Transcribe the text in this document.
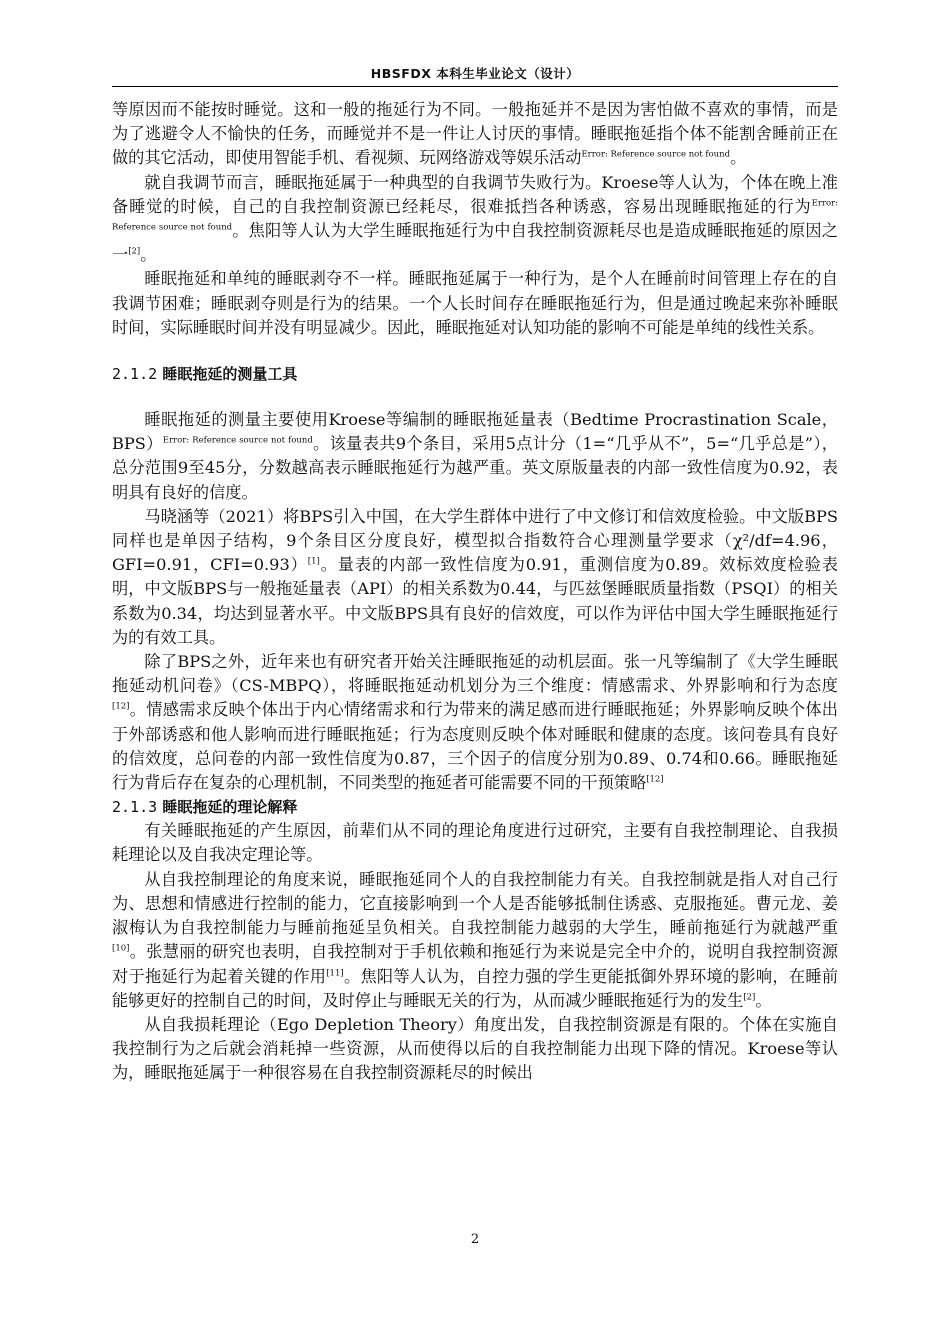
HBSFDX 本科生毕业论文（设计）

等原因而不能按时睡觉。这和一般的拖延行为不同。一般拖延并不是因为害怕做不喜欢的事情，而是为了逃避令人不愉快的任务，而睡觉并不是一件让人讨厌的事情。睡眠拖延指个体不能割舍睡前正在做的其它活动，即使用智能手机、看视频、玩网络游戏等娱乐活动$^{Error: Reference source not found}$。

就自我调节而言，睡眠拖延属于一种典型的自我调节失败行为。Kroese等人认为，个体在晚上准备睡觉的时候，自己的自我控制资源已经耗尽，很难抵挡各种诱惑，容易出现睡眠拖延的行为$^{Error: Reference source not found}$。焦阳等人认为大学生睡眠拖延行为中自我控制资源耗尽也是造成睡眠拖延的原因之一[2]。

睡眠拖延和单纯的睡眠剥夺不一样。睡眠拖延属于一种行为，是个人在睡前时间管理上存在的自我调节困难；睡眠剥夺则是行为的结果。一个人长时间存在睡眠拖延行为，但是通过晚起来弥补睡眠时间，实际睡眠时间并没有明显减少。因此，睡眠拖延对认知功能的影响不可能是单纯的线性关系。

2.1.2 睡眠拖延的测量工具

睡眠拖延的测量主要使用Kroese等编制的睡眠拖延量表（Bedtime Procrastination Scale，BPS）$^{Error: Reference source not found}$。该量表共9个条目，采用5点计分（1=“几乎从不”，5=“几乎总是”），总分范围9至45分，分数越高表示睡眠拖延行为越严重。英文原版量表的内部一致性信度为0.92，表明具有良好的信度。

马晓涵等（2021）将BPS引入中国，在大学生群体中进行了中文修订和信效度检验。中文版BPS同样也是单因子结构，9个条目区分度良好，模型拟合指数符合心理测量学要求（χ²/df=4.96，GFI=0.91，CFI=0.93）[1]。量表的内部一致性信度为0.91，重测信度为0.89。效标效度检验表明，中文版BPS与一般拖延量表（API）的相关系数为0.44，与匹兹堡睡眠质量指数（PSQI）的相关系数为0.34，均达到显著水平。中文版BPS具有良好的信效度，可以作为评估中国大学生睡眠拖延行为的有效工具。

除了BPS之外，近年来也有研究者开始关注睡眠拖延的动机层面。张一凡等编制了《大学生睡眠拖延动机问卷》（CS-MBPQ），将睡眠拖延动机划分为三个维度：情感需求、外界影响和行为态度[12]。情感需求反映个体出于内心情绪需求和行为带来的满足感而进行睡眠拖延；外界影响反映个体出于外部诱惑和他人影响而进行睡眠拖延；行为态度则反映个体对睡眠和健康的态度。该问卷具有良好的信效度，总问卷的内部一致性信度为0.87，三个因子的信度分别为0.89、0.74和0.66。睡眠拖延行为背后存在复杂的心理机制，不同类型的拖延者可能需要不同的干预策略[12]

2.1.3 睡眠拖延的理论解释

有关睡眠拖延的产生原因，前辈们从不同的理论角度进行过研究，主要有自我控制理论、自我损耗理论以及自我决定理论等。

从自我控制理论的角度来说，睡眠拖延同个人的自我控制能力有关。自我控制就是指人对自己行为、思想和情感进行控制的能力，它直接影响到一个人是否能够抵制住诱惑、克服拖延。曹元龙、姜淑梅认为自我控制能力与睡前拖延呈负相关。自我控制能力越弱的大学生，睡前拖延行为就越严重[10]。张慧丽的研究也表明，自我控制对于手机依赖和拖延行为来说是完全中介的，说明自我控制资源对于拖延行为起着关键的作用[11]。焦阳等人认为，自控力强的学生更能抵御外界环境的影响，在睡前能够更好的控制自己的时间，及时停止与睡眠无关的行为，从而减少睡眠拖延行为的发生[2]。

从自我损耗理论（Ego Depletion Theory）角度出发，自我控制资源是有限的。个体在实施自我控制行为之后就会消耗掉一些资源，从而使得以后的自我控制能力出现下降的情况。Kroese等认为，睡眠拖延属于一种很容易在自我控制资源耗尽的时候出

2
